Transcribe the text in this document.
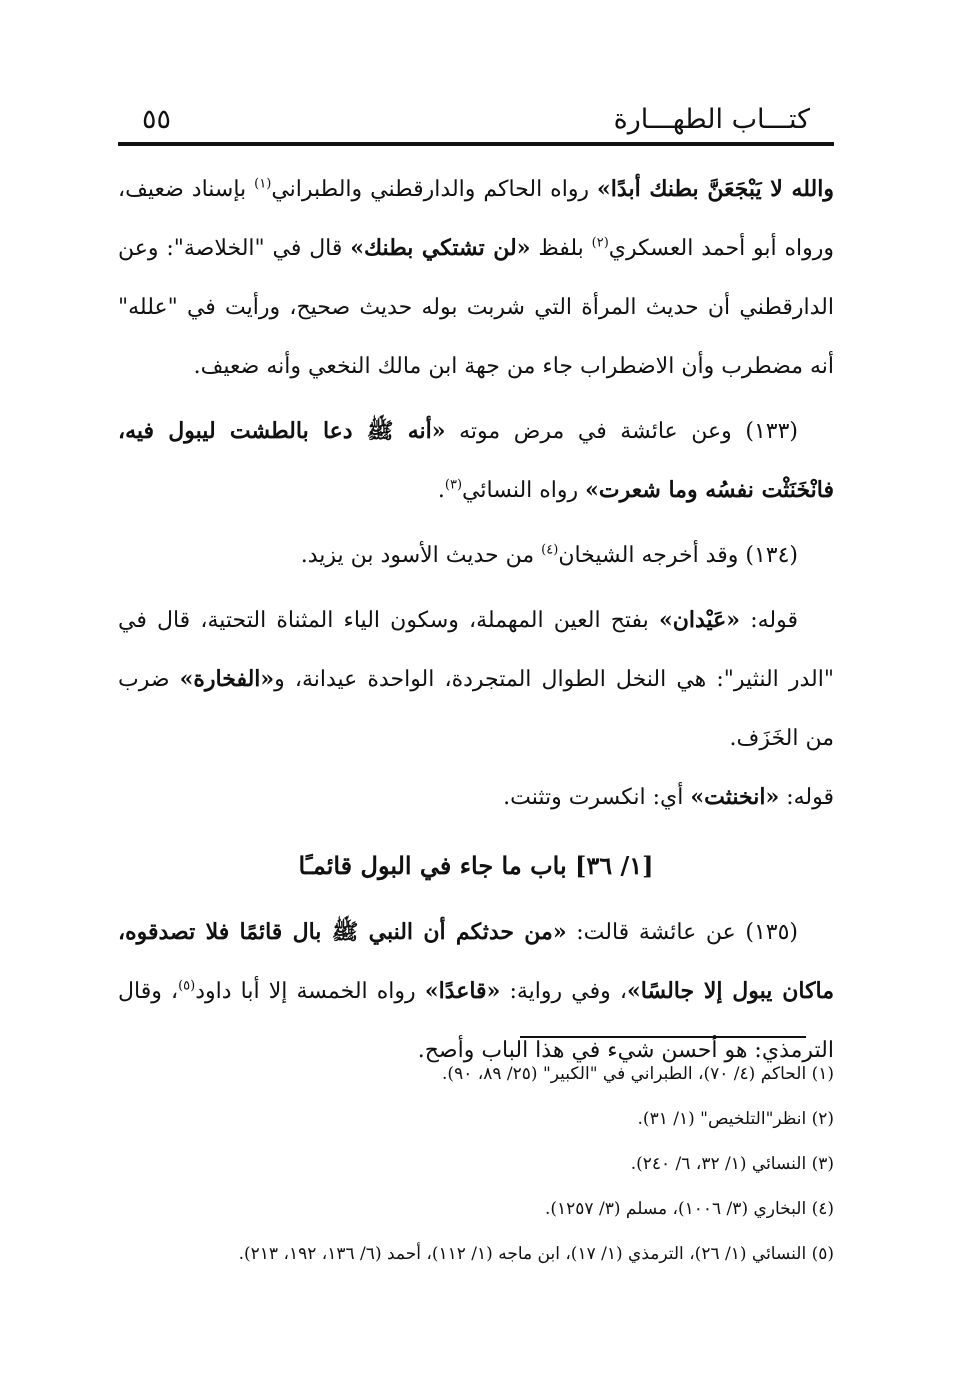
كتـــاب الطهـــارة
٥٥

والله لا يَبْجَعَنَّ بطنك أبدًا» رواه الحاكم والدارقطني والطبراني$^{(١)}$ بإسناد ضعيف، ورواه أبو أحمد العسكري$^{(٢)}$ بلفظ «لن تشتكي بطنك» قال في "الخلاصة": وعن الدارقطني أن حديث المرأة التي شربت بوله حديث صحيح، ورأيت في "علله" أنه مضطرب وأن الاضطراب جاء من جهة ابن مالك النخعي وأنه ضعيف.

(١٣٣) وعن عائشة في مرض موته «أنه ﷺ دعا بالطشت ليبول فيه، فانْخَنَثْت نفسُه وما شعرت» رواه النسائي$^{(٣)}$.

(١٣٤) وقد أخرجه الشيخان$^{(٤)}$ من حديث الأسود بن يزيد.

قوله: «عَيْدان» بفتح العين المهملة، وسكون الياء المثناة التحتية، قال في "الدر النثير": هي النخل الطوال المتجردة، الواحدة عيدانة، و«الفخارة» ضرب من الخَزَف.
قوله: «انخنثت» أي: انكسرت وتثنت.

[١/ ٣٦] باب ما جاء في البول قائمـًا

(١٣٥) عن عائشة قالت: «من حدثكم أن النبي ﷺ بال قائمًا فلا تصدقوه، ماكان يبول إلا جالسًا»، وفي رواية: «قاعدًا» رواه الخمسة إلا أبا داود$^{(٥)}$، وقال الترمذي: هو أحسن شيء في هذا الباب وأصح.

(١) الحاكم (٤/ ٧٠)، الطبراني في "الكبير" (٢٥/ ٨٩، ٩٠).

(٢) انظر"التلخيص" (١/ ٣١).

(٣) النسائي (١/ ٣٢، ٦/ ٢٤٠).

(٤) البخاري (٣/ ١٠٠٦)، مسلم (٣/ ١٢٥٧).

(٥) النسائي (١/ ٢٦)، الترمذي (١/ ١٧)، ابن ماجه (١/ ١١٢)، أحمد (٦/ ١٣٦، ١٩٢، ٢١٣).
